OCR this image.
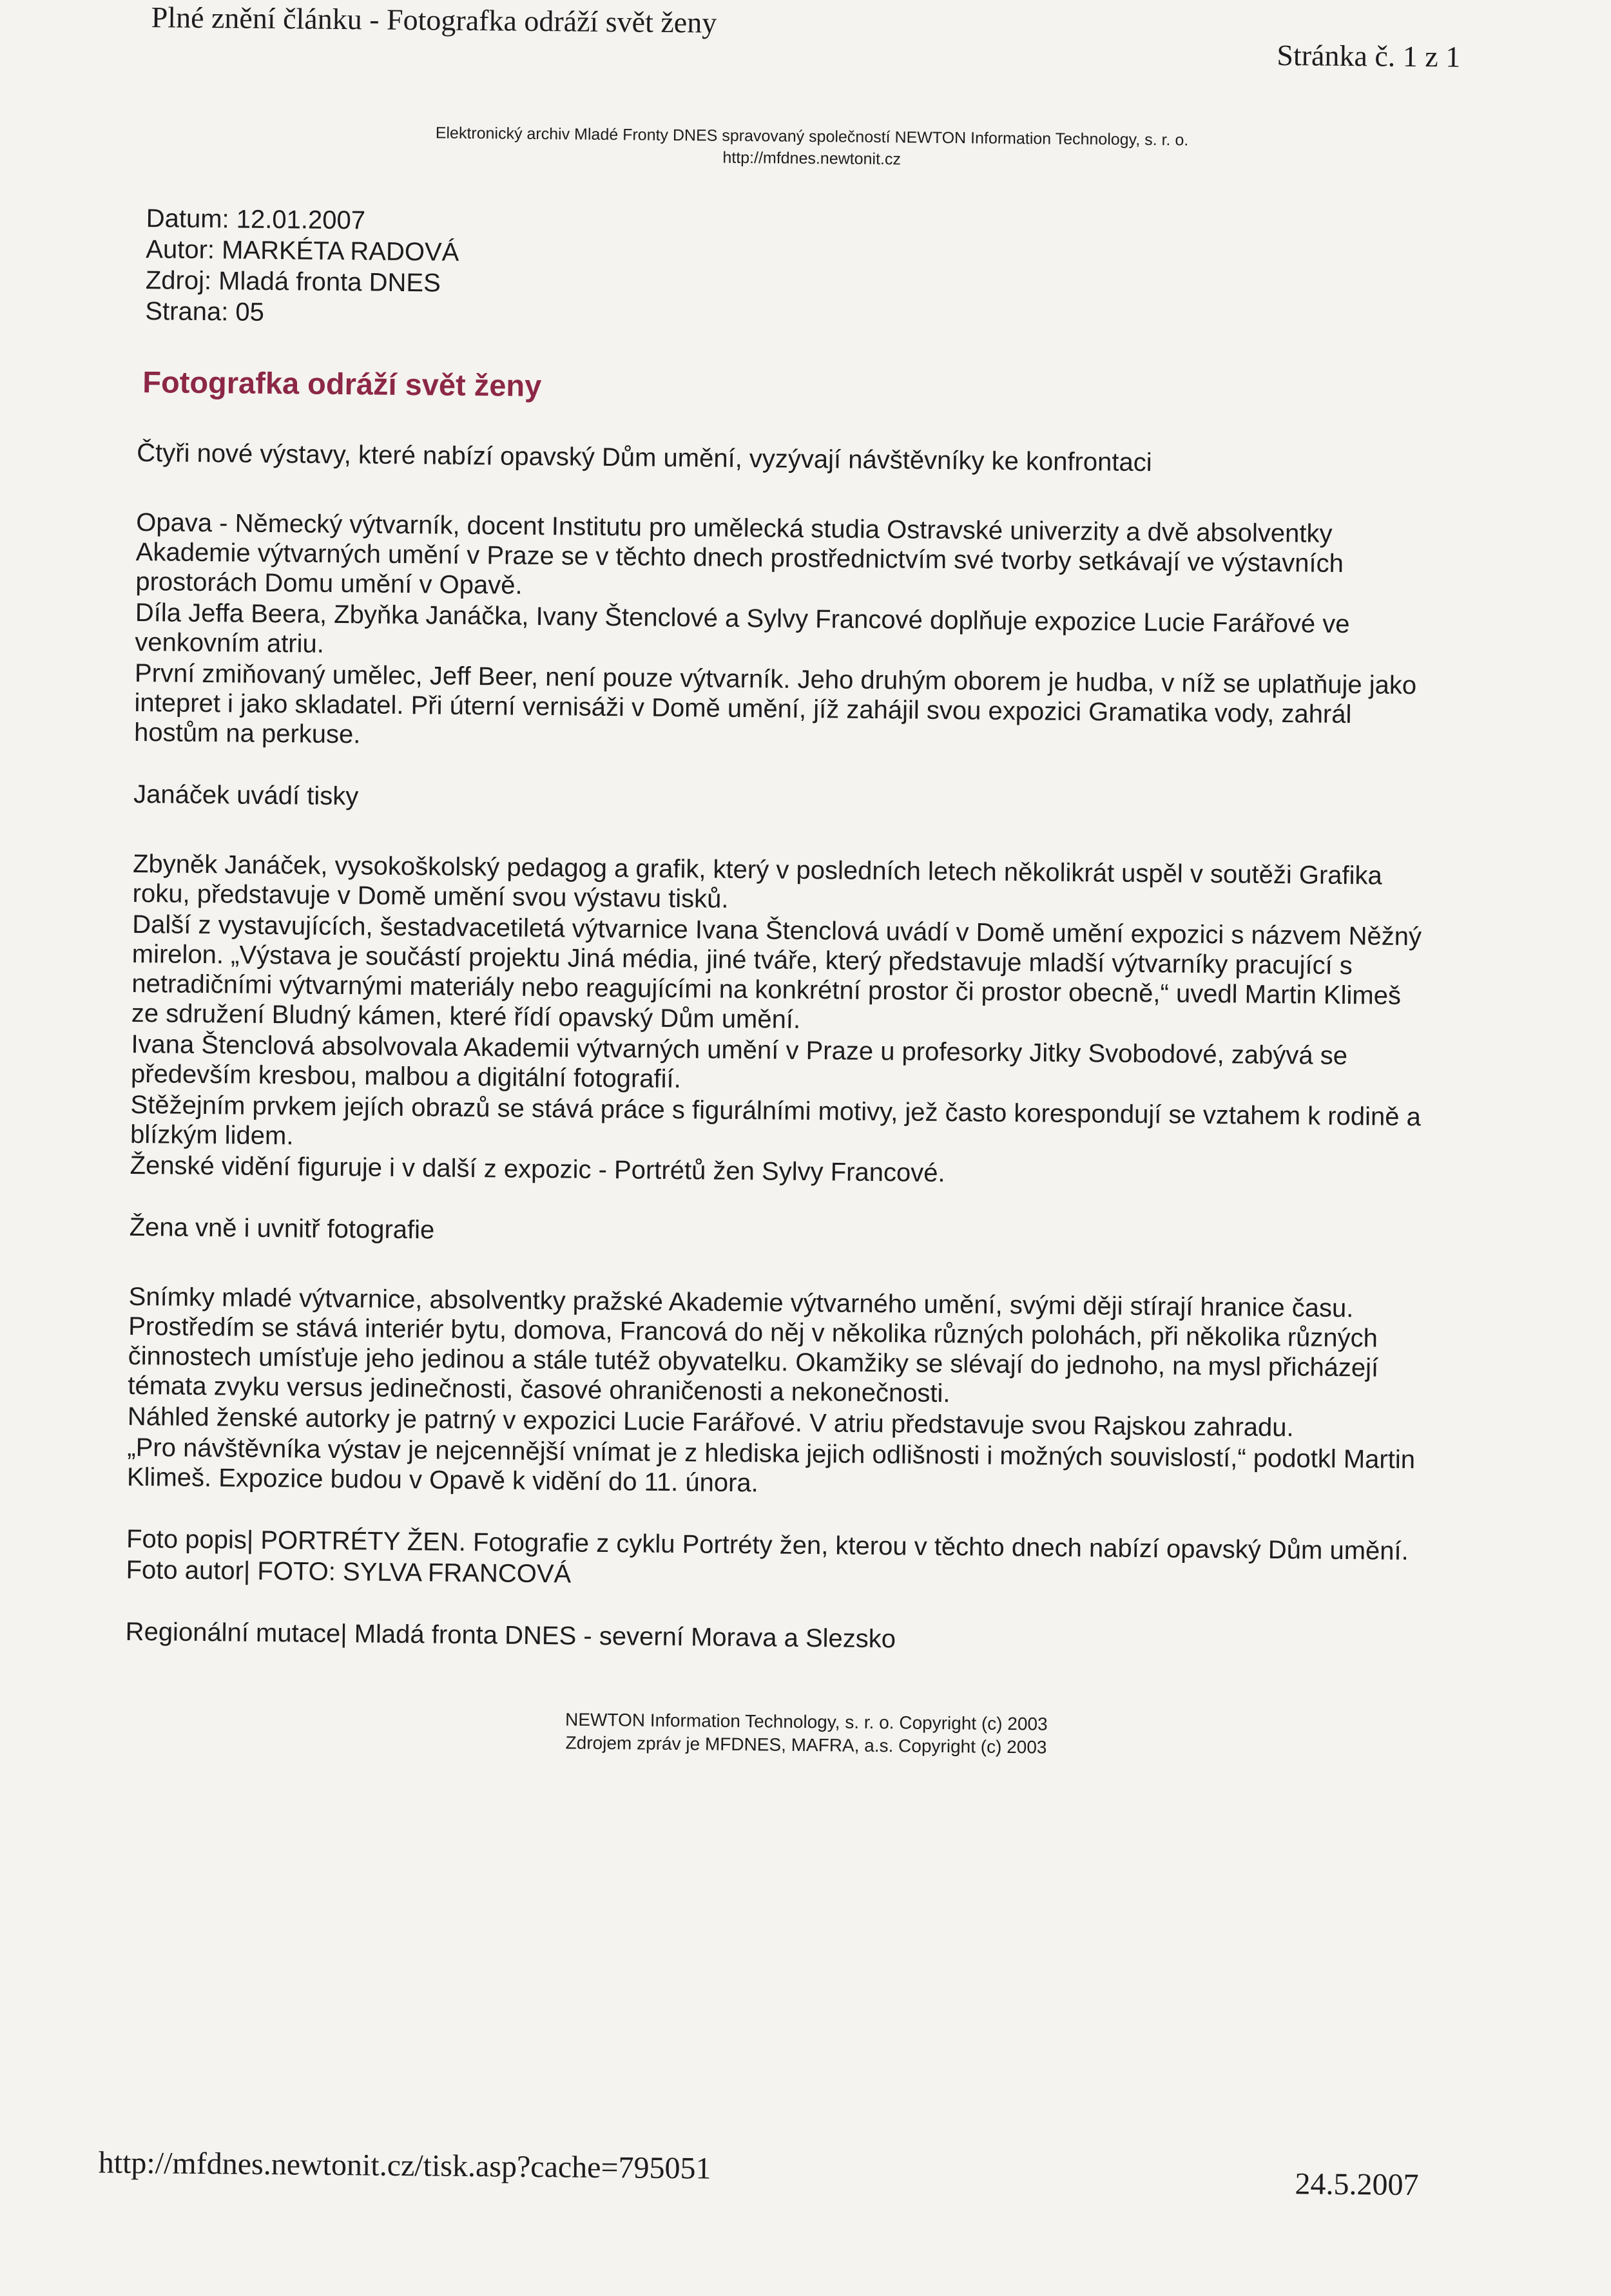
Plné znění článku - Fotografka odráží svět ženy
Stránka č. 1 z 1
Elektronický archiv Mladé Fronty DNES spravovaný společností NEWTON Information Technology, s. r. o.
http://mfdnes.newtonit.cz
Datum: 12.01.2007
Autor: MARKÉTA RADOVÁ
Zdroj: Mladá fronta DNES
Strana: 05
Fotografka odráží svět ženy

Čtyři nové výstavy, které nabízí opavský Dům umění, vyzývají návštěvníky ke konfrontaci

Opava - Německý výtvarník, docent Institutu pro umělecká studia Ostravské univerzity a dvě absolventky Akademie výtvarných umění v Praze se v těchto dnech prostřednictvím své tvorby setkávají ve výstavních prostorách Domu umění v Opavě.

Díla Jeffa Beera, Zbyňka Janáčka, Ivany Štenclové a Sylvy Francové doplňuje expozice Lucie Farářové ve venkovním atriu.

První zmiňovaný umělec, Jeff Beer, není pouze výtvarník. Jeho druhým oborem je hudba, v níž se uplatňuje jako intepret i jako skladatel. Při úterní vernisáži v Domě umění, jíž zahájil svou expozici Gramatika vody, zahrál hostům na perkuse.

Janáček uvádí tisky

Zbyněk Janáček, vysokoškolský pedagog a grafik, který v posledních letech několikrát uspěl v soutěži Grafika roku, představuje v Domě umění svou výstavu tisků.

Další z vystavujících, šestadvacetiletá výtvarnice Ivana Štenclová uvádí v Domě umění expozici s názvem Něžný mirelon. „Výstava je součástí projektu Jiná média, jiné tváře, který představuje mladší výtvarníky pracující s netradičními výtvarnými materiály nebo reagujícími na konkrétní prostor či prostor obecně,“ uvedl Martin Klimeš ze sdružení Bludný kámen, které řídí opavský Dům umění.

Ivana Štenclová absolvovala Akademii výtvarných umění v Praze u profesorky Jitky Svobodové, zabývá se především kresbou, malbou a digitální fotografií.

Stěžejním prvkem jejích obrazů se stává práce s figurálními motivy, jež často korespondují se vztahem k rodině a blízkým lidem.

Ženské vidění figuruje i v další z expozic - Portrétů žen Sylvy Francové.

Žena vně i uvnitř fotografie

Snímky mladé výtvarnice, absolventky pražské Akademie výtvarného umění, svými ději stírají hranice času. Prostředím se stává interiér bytu, domova, Francová do něj v několika různých polohách, při několika různých činnostech umísťuje jeho jedinou a stále tutéž obyvatelku. Okamžiky se slévají do jednoho, na mysl přicházejí témata zvyku versus jedinečnosti, časové ohraničenosti a nekonečnosti.

Náhled ženské autorky je patrný v expozici Lucie Farářové. V atriu představuje svou Rajskou zahradu.

„Pro návštěvníka výstav je nejcennější vnímat je z hlediska jejich odlišnosti i možných souvislostí,“ podotkl Martin Klimeš. Expozice budou v Opavě k vidění do 11. února.

Foto popis| PORTRÉTY ŽEN. Fotografie z cyklu Portréty žen, kterou v těchto dnech nabízí opavský Dům umění.

Foto autor| FOTO: SYLVA FRANCOVÁ

Regionální mutace| Mladá fronta DNES - severní Morava a Slezsko

NEWTON Information Technology, s. r. o. Copyright (c) 2003
Zdrojem zpráv je MFDNES, MAFRA, a.s. Copyright (c) 2003
http://mfdnes.newtonit.cz/tisk.asp?cache=795051	24.5.2007
